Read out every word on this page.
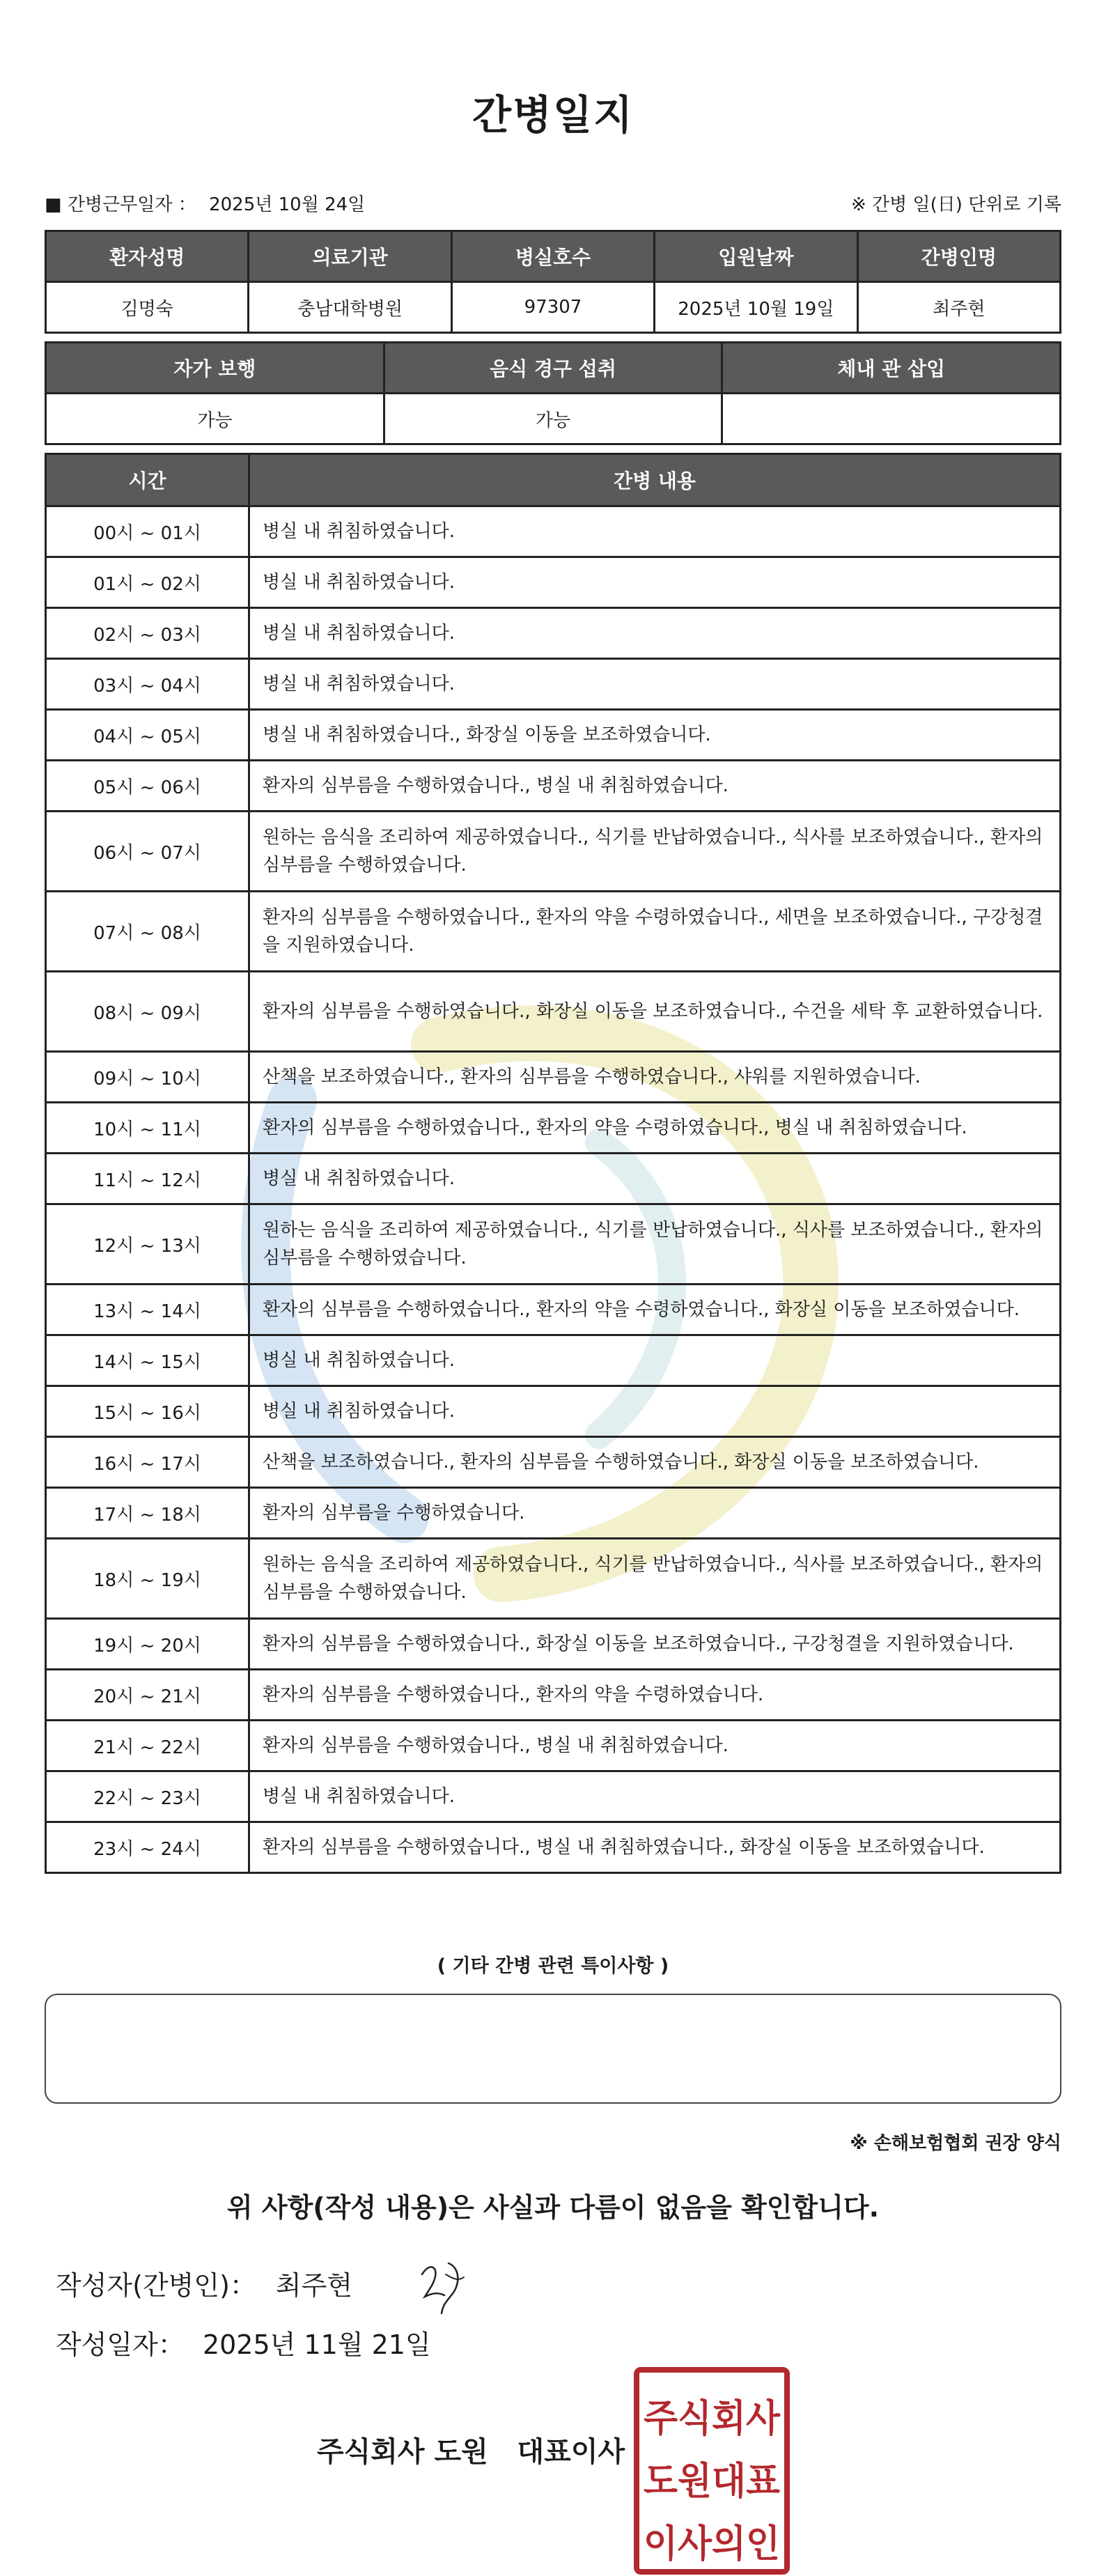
간병일지
■ 간병근무일자 ： 2025년 10월 24일	※ 간병 일(日) 단위로 기록
환자성명	의료기관	병실호수	입원날짜	간병인명
김명숙	충남대학병원	97307	2025년 10월 19일	최주현
자가 보행	음식 경구 섭취	체내 관 삽입
가능	가능	
시간	간병 내용
00시 ~ 01시	병실 내 취침하였습니다.
01시 ~ 02시	병실 내 취침하였습니다.
02시 ~ 03시	병실 내 취침하였습니다.
03시 ~ 04시	병실 내 취침하였습니다.
04시 ~ 05시	병실 내 취침하였습니다., 화장실 이동을 보조하였습니다.
05시 ~ 06시	환자의 심부름을 수행하였습니다., 병실 내 취침하였습니다.
06시 ~ 07시	원하는 음식을 조리하여 제공하였습니다., 식기를 반납하였습니다., 식사를 보조하였습니다., 환자의 심부름을 수행하였습니다.
07시 ~ 08시	환자의 심부름을 수행하였습니다., 환자의 약을 수령하였습니다., 세면을 보조하였습니다., 구강청결을 지원하였습니다.
08시 ~ 09시	환자의 심부름을 수행하였습니다., 화장실 이동을 보조하였습니다., 수건을 세탁 후 교환하였습니다.
09시 ~ 10시	산책을 보조하였습니다., 환자의 심부름을 수행하였습니다., 샤워를 지원하였습니다.
10시 ~ 11시	환자의 심부름을 수행하였습니다., 환자의 약을 수령하였습니다., 병실 내 취침하였습니다.
11시 ~ 12시	병실 내 취침하였습니다.
12시 ~ 13시	원하는 음식을 조리하여 제공하였습니다., 식기를 반납하였습니다., 식사를 보조하였습니다., 환자의 심부름을 수행하였습니다.
13시 ~ 14시	환자의 심부름을 수행하였습니다., 환자의 약을 수령하였습니다., 화장실 이동을 보조하였습니다.
14시 ~ 15시	병실 내 취침하였습니다.
15시 ~ 16시	병실 내 취침하였습니다.
16시 ~ 17시	산책을 보조하였습니다., 환자의 심부름을 수행하였습니다., 화장실 이동을 보조하였습니다.
17시 ~ 18시	환자의 심부름을 수행하였습니다.
18시 ~ 19시	원하는 음식을 조리하여 제공하였습니다., 식기를 반납하였습니다., 식사를 보조하였습니다., 환자의 심부름을 수행하였습니다.
19시 ~ 20시	환자의 심부름을 수행하였습니다., 화장실 이동을 보조하였습니다., 구강청결을 지원하였습니다.
20시 ~ 21시	환자의 심부름을 수행하였습니다., 환자의 약을 수령하였습니다.
21시 ~ 22시	환자의 심부름을 수행하였습니다., 병실 내 취침하였습니다.
22시 ~ 23시	병실 내 취침하였습니다.
23시 ~ 24시	환자의 심부름을 수행하였습니다., 병실 내 취침하였습니다., 화장실 이동을 보조하였습니다.
( 기타 간병 관련 특이사항 )
※ 손해보험협회 권장 양식
위 사항(작성 내용)은 사실과 다름이 없음을 확인합니다.
작성자(간병인)： 최주현
작성일자： 2025년 11월 21일
주식회사 도원   대표이사
주식회사
도원대표
이사의인
